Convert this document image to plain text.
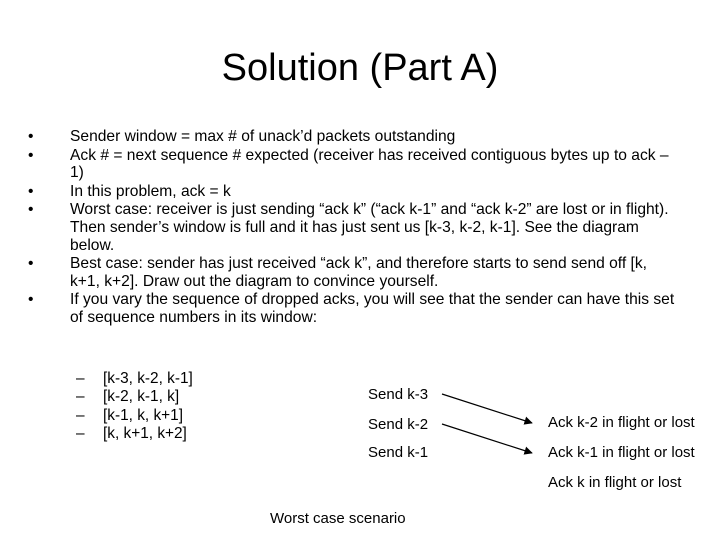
Solution (Part A)
•	Sender window = max # of unack’d packets outstanding
•	Ack # = next sequence # expected (receiver has received contiguous bytes up to ack – 1)
•	In this problem, ack = k
•	Worst case: receiver is just sending “ack k” (“ack k-1” and “ack k-2” are lost or in flight). Then sender’s window is full and it has just sent us [k-3, k-2, k-1]. See the diagram below.
•	Best case: sender has just received “ack k”, and therefore starts to send send off [k, k+1, k+2]. Draw out the diagram to convince yourself.
•	If you vary the sequence of dropped acks, you will see that the sender can have this set of sequence numbers in its window:
– [k-3, k-2, k-1]
– [k-2, k-1, k]
– [k-1, k, k+1]
– [k, k+1, k+2]
Send k-3
Send k-2
Send k-1
Ack k-2 in flight or lost
Ack k-1 in flight or lost
Ack k in flight or lost
Worst case scenario
